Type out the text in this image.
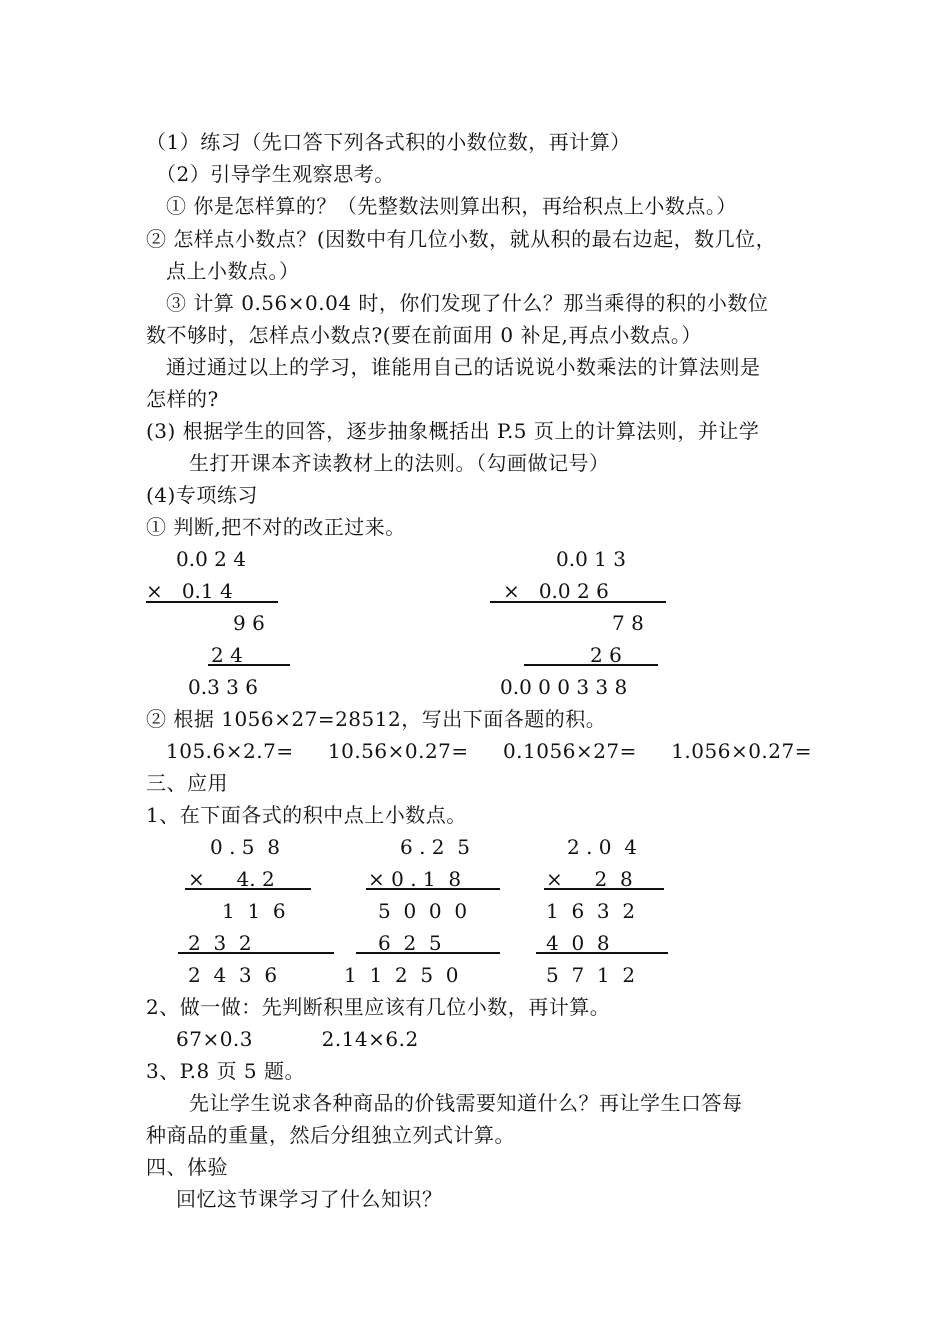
（1）练习（先口答下列各式积的小数位数，再计算）
（2）引导学生观察思考。
① 你是怎样算的？（先整数法则算出积，再给积点上小数点。）
② 怎样点小数点？(因数中有几位小数，就从积的最右边起，数几位，
点上小数点。）
③ 计算 0.56×0.04 时，你们发现了什么？那当乘得的积的小数位
数不够时，怎样点小数点?(要在前面用 0 补足,再点小数点。）
通过通过以上的学习，谁能用自己的话说说小数乘法的计算法则是
怎样的?
(3) 根据学生的回答，逐步抽象概括出 P.5 页上的计算法则，并让学
生打开课本齐读教材上的法则。（勾画做记号）
(4)专项练习
① 判断,把不对的改正过来。
0.0 2 4
×   0.1 4
9 6
2 4
0.3 3 6
0.0 1 3
×   0.0 2 6
7 8
2 6
0.0 0 0 3 3 8
② 根据 1056×27=28512，写出下面各题的积。
105.6×2.7=     10.56×0.27=     0.1056×27=     1.056×0.27=
三、应用
1、在下面各式的积中点上小数点。
0 . 5  8
×     4. 2
1  1  6
2  3  2
2  4  3  6
6 . 2  5
× 0 . 1  8
5  0  0  0
6  2  5
1  1  2  5  0
2 . 0  4
×     2  8
1  6  3  2
4  0  8
5  7  1  2
2、做一做：先判断积里应该有几位小数，再计算。
67×0.3          2.14×6.2
3、P.8 页 5 题。
先让学生说求各种商品的价钱需要知道什么？再让学生口答每
种商品的重量，然后分组独立列式计算。
四、体验
回忆这节课学习了什么知识？
